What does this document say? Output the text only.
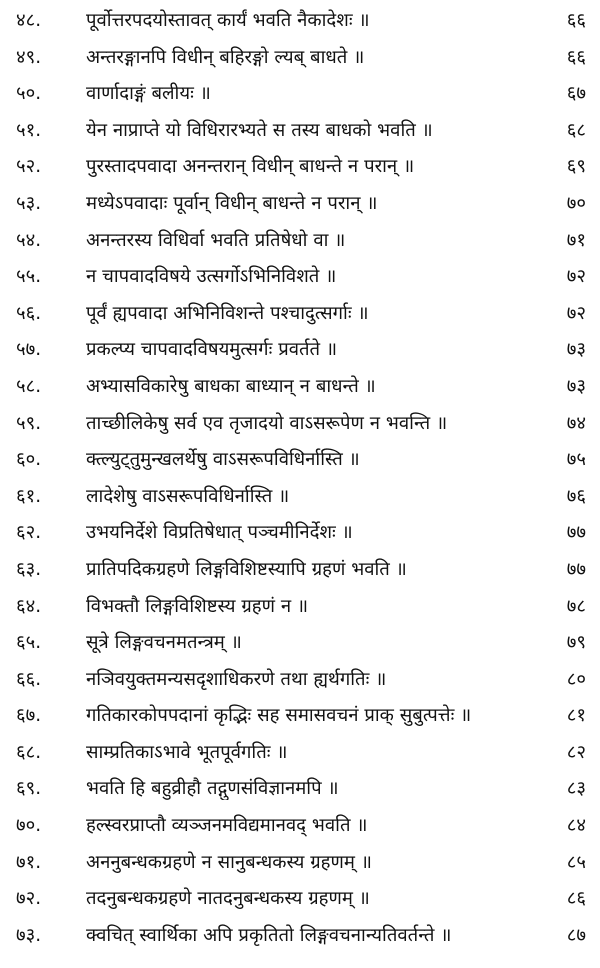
४८.	पूर्वोत्तरपदयोस्तावत् कार्यं भवति नैकादेशः ॥	६६
४९.	अन्तरङ्गानपि विधीन् बहिरङ्गो ल्यब् बाधते ॥	६६
५०.	वार्णादाङ्गं बलीयः ॥	६७
५१.	येन नाप्राप्ते यो विधिरारभ्यते स तस्य बाधको भवति ॥	६८
५२.	पुरस्तादपवादा अनन्तरान् विधीन् बाधन्ते न परान् ॥	६९
५३.	मध्येऽपवादाः पूर्वान् विधीन् बाधन्ते न परान् ॥	७०
५४.	अनन्तरस्य विधिर्वा भवति प्रतिषेधो वा ॥	७१
५५.	न चापवादविषये उत्सर्गोऽभिनिविशते ॥	७२
५६.	पूर्वं ह्यपवादा अभिनिविशन्ते पश्चादुत्सर्गाः ॥	७२
५७.	प्रकल्प्य चापवादविषयमुत्सर्गः प्रवर्तते ॥	७३
५८.	अभ्यासविकारेषु बाधका बाध्यान् न बाधन्ते ॥	७३
५९.	ताच्छीलिकेषु सर्व एव तृजादयो वाऽसरूपेण न भवन्ति ॥	७४
६०.	क्त्ल्युट्तुमुन्खलर्थेषु वाऽसरूपविधिर्नास्ति ॥	७५
६१.	लादेशेषु वाऽसरूपविधिर्नास्ति ॥	७६
६२.	उभयनिर्देशे विप्रतिषेधात् पञ्चमीनिर्देशः ॥	७७
६३.	प्रातिपदिकग्रहणे लिङ्गविशिष्टस्यापि ग्रहणं भवति ॥	७७
६४.	विभक्तौ लिङ्गविशिष्टस्य ग्रहणं न ॥	७८
६५.	सूत्रे लिङ्गवचनमतन्त्रम् ॥	७९
६६.	नञिवयुक्तमन्यसदृशाधिकरणे तथा ह्यर्थगतिः ॥	८०
६७.	गतिकारकोपपदानां कृद्भिः सह समासवचनं प्राक् सुबुत्पत्तेः ॥	८१
६८.	साम्प्रतिकाऽभावे भूतपूर्वगतिः ॥	८२
६९.	भवति हि बहुव्रीहौ तद्गुणसंविज्ञानमपि ॥	८३
७०.	हल्स्वरप्राप्तौ व्यञ्जनमविद्यमानवद् भवति ॥	८४
७१.	अननुबन्धकग्रहणे न सानुबन्धकस्य ग्रहणम् ॥	८५
७२.	तदनुबन्धकग्रहणे नातदनुबन्धकस्य ग्रहणम् ॥	८६
७३.	क्वचित् स्वार्थिका अपि प्रकृतितो लिङ्गवचनान्यतिवर्तन्ते ॥	८७
